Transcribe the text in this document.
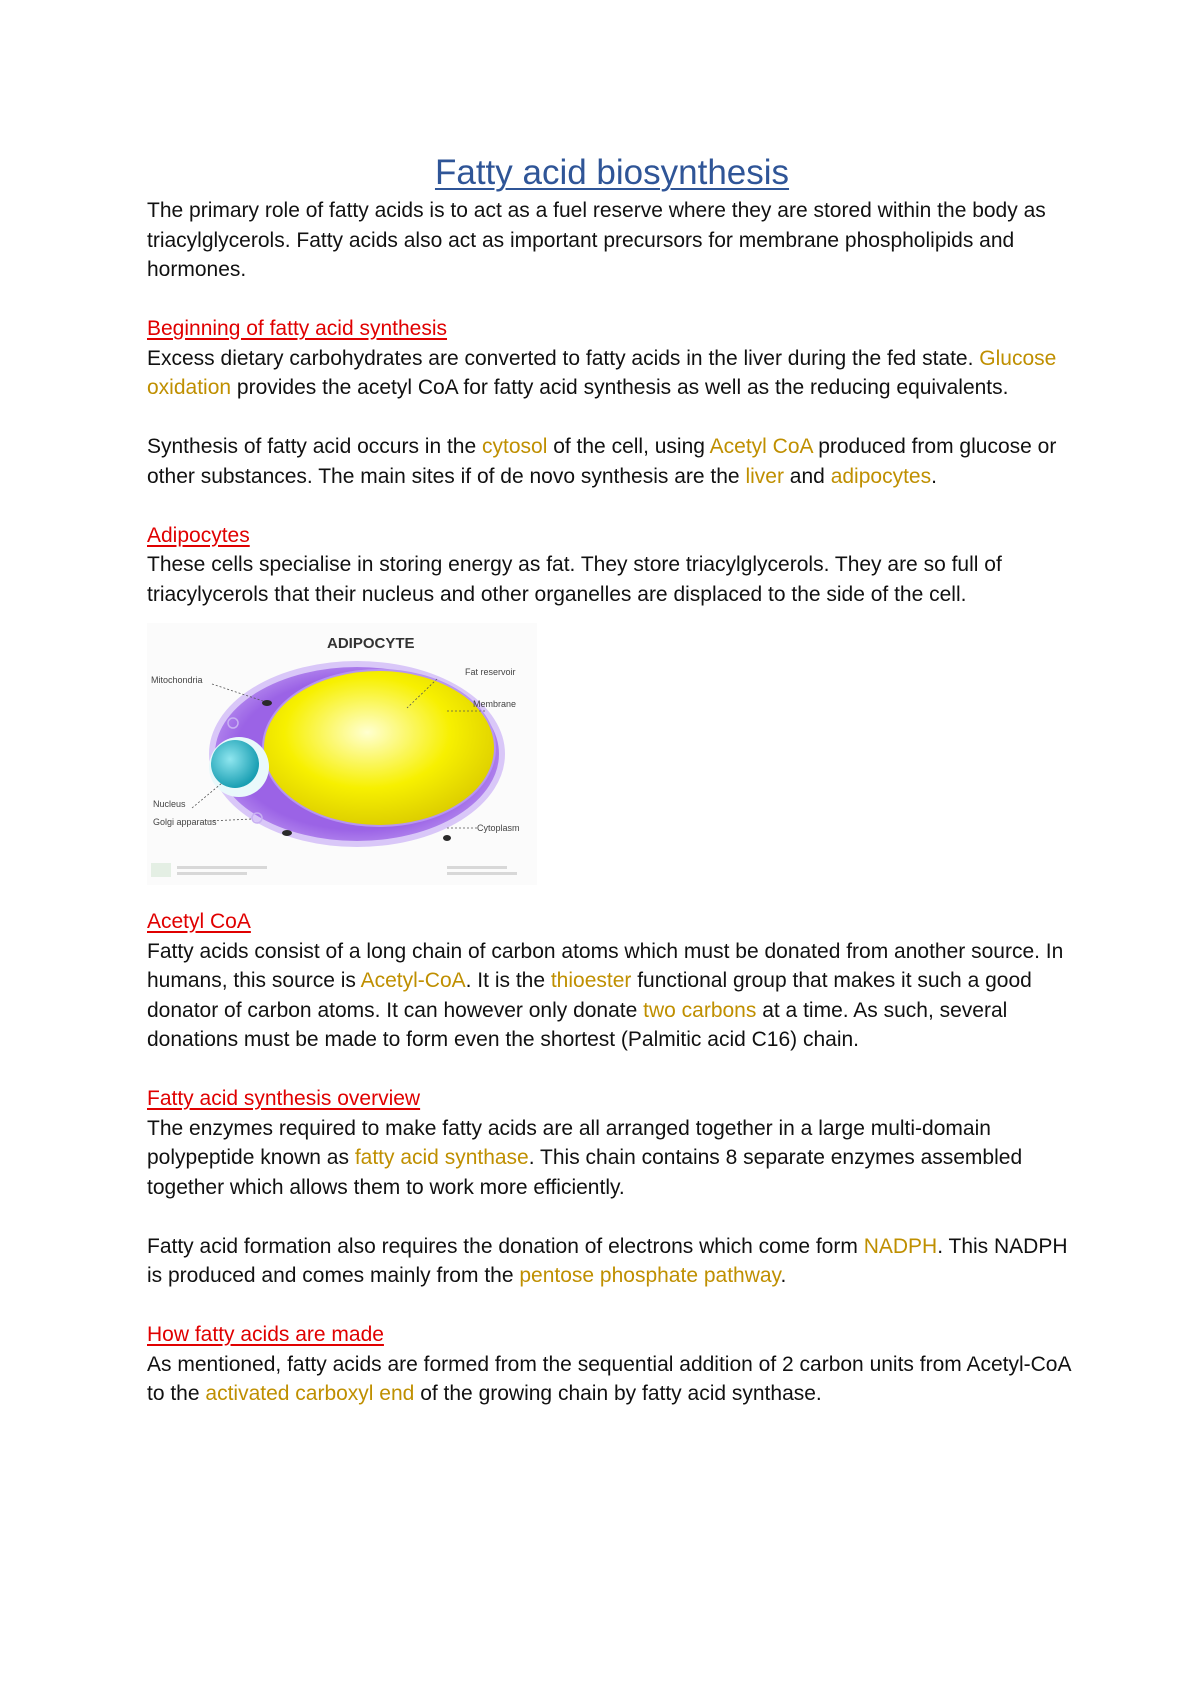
Fatty acid biosynthesis

The primary role of fatty acids is to act as a fuel reserve where they are stored within the body as triacylglycerols. Fatty acids also act as important precursors for membrane phospholipids and hormones.

Beginning of fatty acid synthesis

Excess dietary carbohydrates are converted to fatty acids in the liver during the fed state. Glucose oxidation provides the acetyl CoA for fatty acid synthesis as well as the reducing equivalents.

Synthesis of fatty acid occurs in the cytosol of the cell, using Acetyl CoA produced from glucose or other substances. The main sites if of de novo synthesis are the liver and adipocytes.

Adipocytes

These cells specialise in storing energy as fat. They store triacylglycerols. They are so full of triacylycerols that their nucleus and other organelles are displaced to the side of the cell.

ADIPOCYTE
Mitochondria
Fat reservoir
Membrane
Nucleus
Golgi apparatus
Cytoplasm

Acetyl CoA

Fatty acids consist of a long chain of carbon atoms which must be donated from another source. In humans, this source is Acetyl-CoA. It is the thioester functional group that makes it such a good donator of carbon atoms. It can however only donate two carbons at a time. As such, several donations must be made to form even the shortest (Palmitic acid C16) chain.

Fatty acid synthesis overview

The enzymes required to make fatty acids are all arranged together in a large multi-domain polypeptide known as fatty acid synthase. This chain contains 8 separate enzymes assembled together which allows them to work more efficiently.

Fatty acid formation also requires the donation of electrons which come form NADPH. This NADPH is produced and comes mainly from the pentose phosphate pathway.

How fatty acids are made

As mentioned, fatty acids are formed from the sequential addition of 2 carbon units from Acetyl-CoA to the activated carboxyl end of the growing chain by fatty acid synthase.
